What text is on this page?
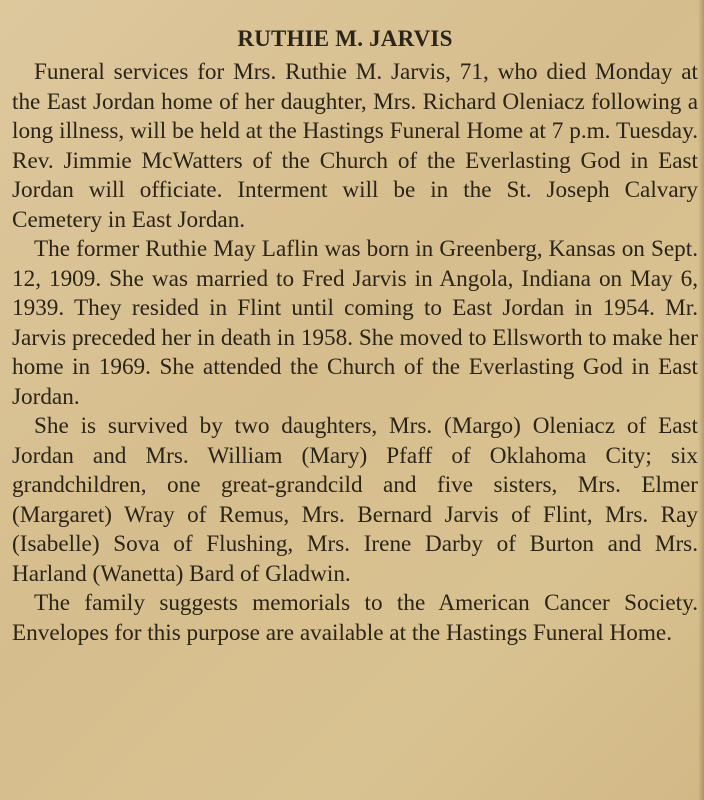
RUTHIE M. JARVIS

Funeral services for Mrs. Ruthie M. Jarvis, 71, who died Monday at the East Jordan home of her daughter, Mrs. Richard Oleniacz following a long illness, will be held at the Hastings Funeral Home at 7 p.m. Tuesday. Rev. Jimmie McWatters of the Church of the Everlasting God in East Jordan will officiate. Interment will be in the St. Joseph Calvary Cemetery in East Jordan.

The former Ruthie May Laflin was born in Greenberg, Kansas on Sept. 12, 1909. She was married to Fred Jarvis in Angola, Indiana on May 6, 1939. They resided in Flint until coming to East Jordan in 1954. Mr. Jarvis preceded her in death in 1958. She moved to Ellsworth to make her home in 1969. She attended the Church of the Everlasting God in East Jordan.

She is survived by two daughters, Mrs. (Margo) Oleniacz of East Jordan and Mrs. William (Mary) Pfaff of Oklahoma City; six grandchildren, one great-grandcild and five sisters, Mrs. Elmer (Margaret) Wray of Remus, Mrs. Bernard Jarvis of Flint, Mrs. Ray (Isabelle) Sova of Flushing, Mrs. Irene Darby of Burton and Mrs. Harland (Wanetta) Bard of Gladwin.

The family suggests memorials to the American Cancer Society. Envelopes for this purpose are available at the Hastings Funeral Home.
